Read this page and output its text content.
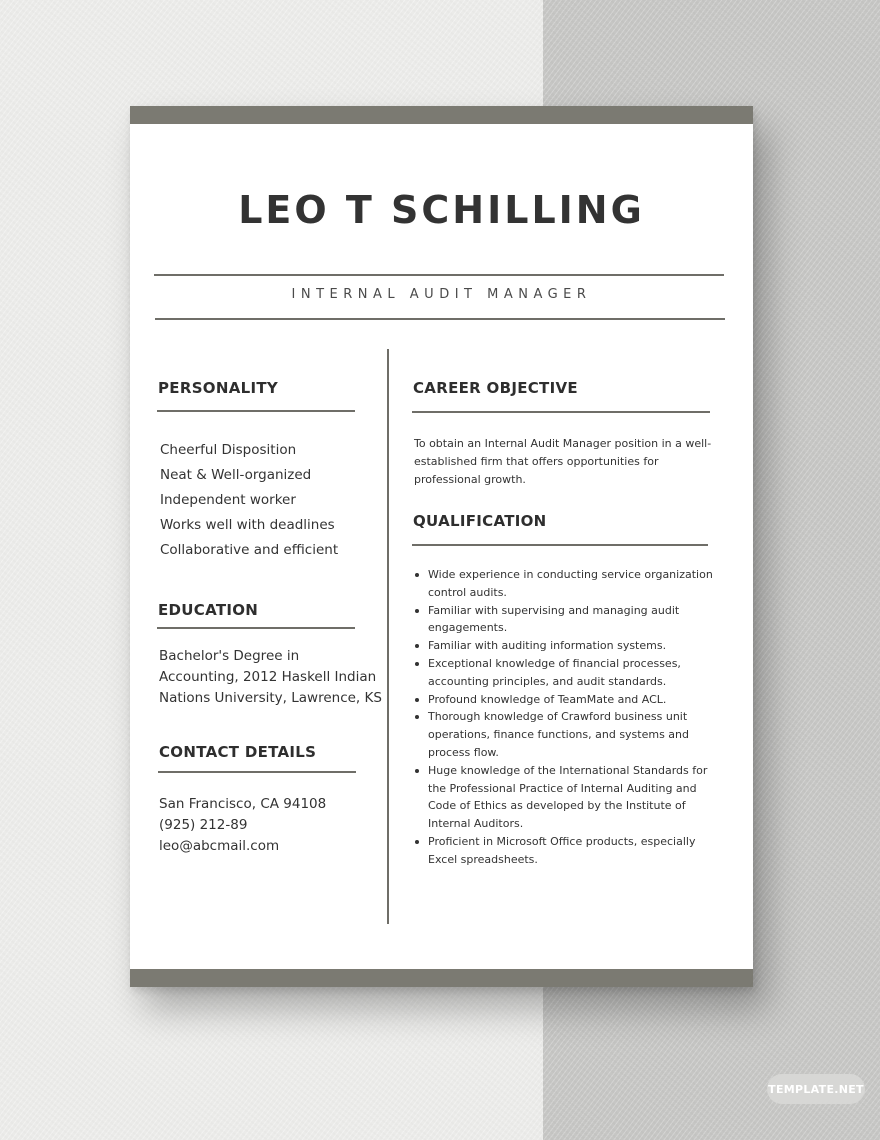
LEO T SCHILLING
INTERNAL AUDIT MANAGER
PERSONALITY
Cheerful Disposition
Neat & Well-organized
Independent worker
Works well with deadlines
Collaborative and efficient
EDUCATION
Bachelor's Degree in
Accounting, 2012 Haskell Indian
Nations University, Lawrence, KS
CONTACT DETAILS
San Francisco, CA 94108
(925) 212-89
leo@abcmail.com
CAREER OBJECTIVE

To obtain an Internal Audit Manager position in a well-established firm that offers opportunities for professional growth.

QUALIFICATION
Wide experience in conducting service organization control audits.
Familiar with supervising and managing audit engagements.
Familiar with auditing information systems.
Exceptional knowledge of financial processes, accounting principles, and audit standards.
Profound knowledge of TeamMate and ACL.
Thorough knowledge of Crawford business unit operations, finance functions, and systems and process flow.
Huge knowledge of the International Standards for the Professional Practice of Internal Auditing and Code of Ethics as developed by the Institute of Internal Auditors.
Proficient in Microsoft Office products, especially Excel spreadsheets.
TEMPLATE.NET
